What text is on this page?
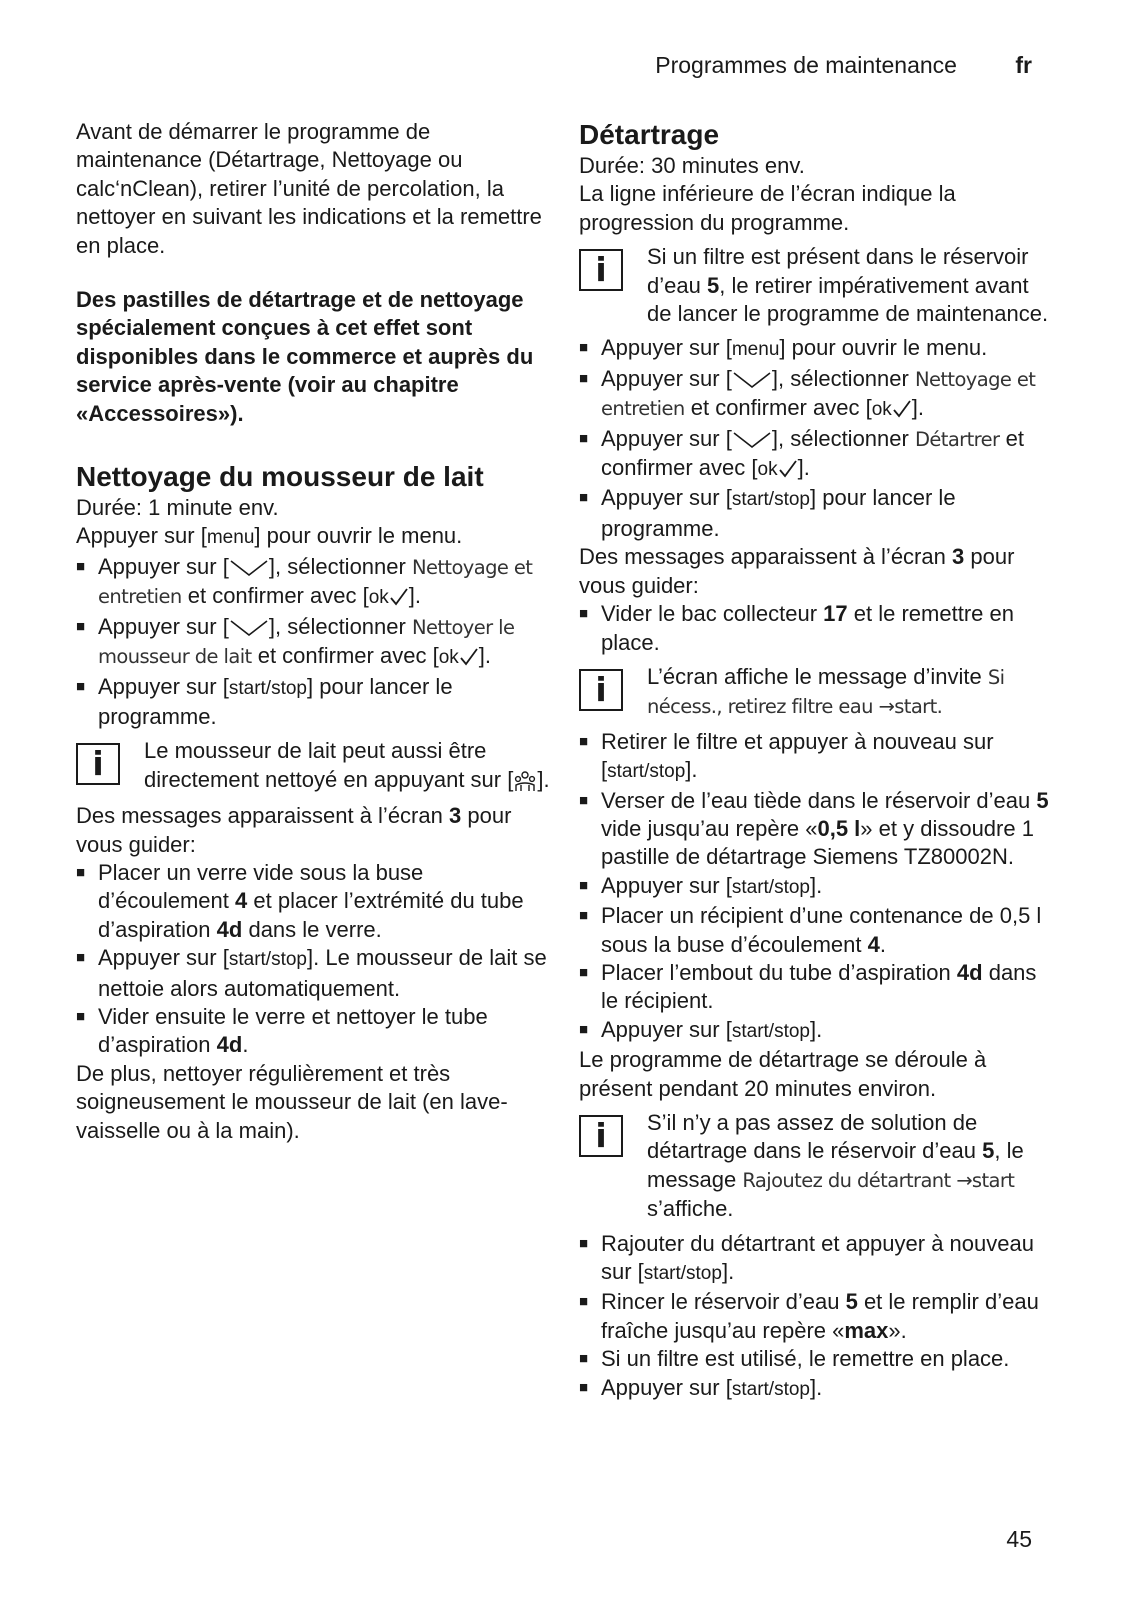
Programmes de maintenance	fr

Avant de démarrer le programme de maintenance (Détartrage, Nettoyage ou calc‘nClean), retirer l’unité de percolation, la nettoyer en suivant les indications et la remettre en place.

Des pastilles de détartrage et de nettoyage spécialement conçues à cet effet sont disponibles dans le commerce et auprès du service après-vente (voir au chapitre «Accessoires»).

Nettoyage du mousseur de lait

Durée: 1 minute env.

Appuyer sur [menu] pour ouvrir le menu.

■ Appuyer sur [ ], sélectionner Nettoyage et entretien et confirmer avec [ok ].
■ Appuyer sur [ ], sélectionner Nettoyer le mousseur de lait et confirmer avec [ok ].
■ Appuyer sur [start/stop] pour lancer le programme.
i	Le mousseur de lait peut aussi être directement nettoyé en appuyant sur [ ].

Des messages apparaissent à l’écran 3 pour vous guider:

■ Placer un verre vide sous la buse d’écoulement 4 et placer l’extrémité du tube d’aspiration 4d dans le verre.
■ Appuyer sur [start/stop]. Le mousseur de lait se nettoie alors automatiquement.
■ Vider ensuite le verre et nettoyer le tube d’aspiration 4d.

De plus, nettoyer régulièrement et très soigneusement le mousseur de lait (en lave-vaisselle ou à la main).

Détartrage

Durée: 30 minutes env.

La ligne inférieure de l’écran indique la progression du programme.

i	Si un filtre est présent dans le réservoir d’eau 5, le retirer impérativement avant de lancer le programme de maintenance.
■ Appuyer sur [menu] pour ouvrir le menu.
■ Appuyer sur [ ], sélectionner Nettoyage et entretien et confirmer avec [ok ].
■ Appuyer sur [ ], sélectionner Détartrer et confirmer avec [ok ].
■ Appuyer sur [start/stop] pour lancer le programme.

Des messages apparaissent à l’écran 3 pour vous guider:

■ Vider le bac collecteur 17 et le remettre en place.
i	L’écran affiche le message d’invite Si nécess., retirez filtre eau →start.
■ Retirer le filtre et appuyer à nouveau sur [start/stop].
■ Verser de l’eau tiède dans le réservoir d’eau 5 vide jusqu’au repère «0,5 l» et y dissoudre 1 pastille de détartrage Siemens TZ80002N.
■ Appuyer sur [start/stop].
■ Placer un récipient d’une contenance de 0,5 l sous la buse d’écoulement 4.
■ Placer l’embout du tube d’aspiration 4d dans le récipient.
■ Appuyer sur [start/stop].

Le programme de détartrage se déroule à présent pendant 20 minutes environ.

i	S’il n’y a pas assez de solution de détartrage dans le réservoir d’eau 5, le message Rajoutez du détartrant →start s’affiche.
■ Rajouter du détartrant et appuyer à nouveau sur [start/stop].
■ Rincer le réservoir d’eau 5 et le remplir d’eau fraîche jusqu’au repère «max».
■ Si un filtre est utilisé, le remettre en place.
■ Appuyer sur [start/stop].
45
